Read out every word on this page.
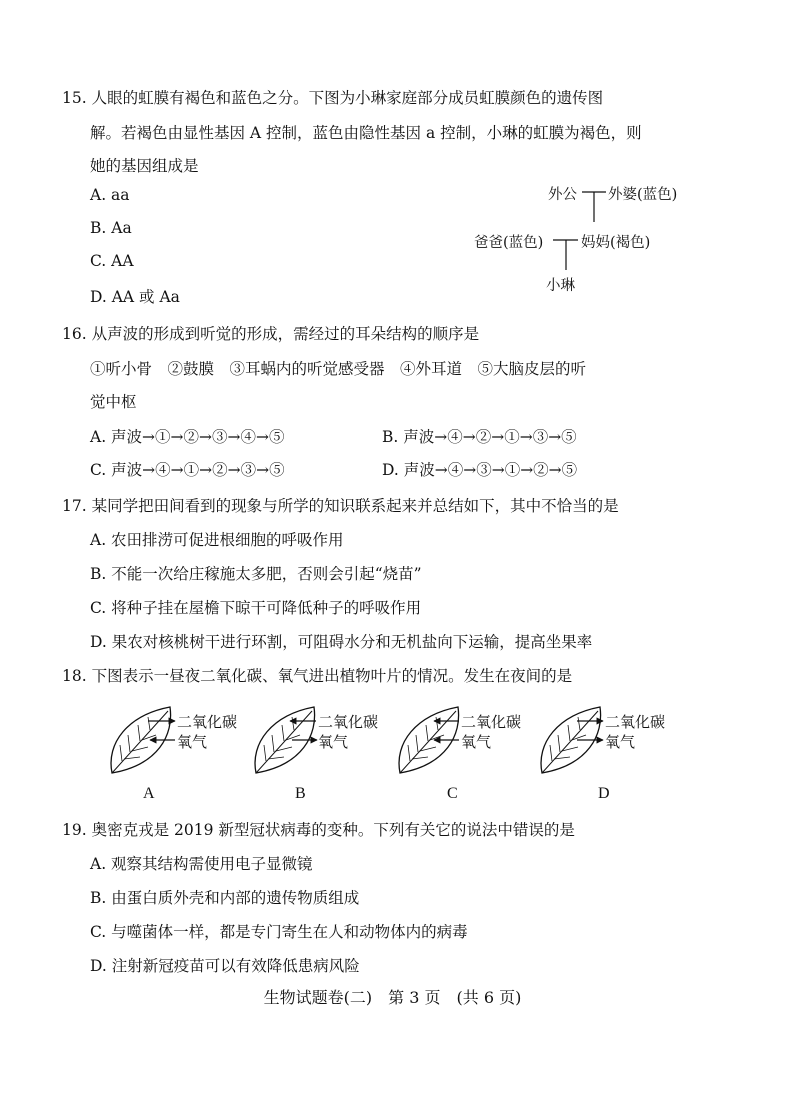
15. 人眼的虹膜有褐色和蓝色之分。下图为小琳家庭部分成员虹膜颜色的遗传图
解。若褐色由显性基因 A 控制，蓝色由隐性基因 a 控制，小琳的虹膜为褐色，则
她的基因组成是
A. aa
B. Aa
C. AA
D. AA 或 Aa
外公 外婆(蓝色)
爸爸(蓝色)	妈妈(褐色)
小琳
16. 从声波的形成到听觉的形成，需经过的耳朵结构的顺序是
①听小骨　②鼓膜　③耳蜗内的听觉感受器　④外耳道　⑤大脑皮层的听
觉中枢
A. 声波→①→②→③→④→⑤	B. 声波→④→②→①→③→⑤
C. 声波→④→①→②→③→⑤	D. 声波→④→③→①→②→⑤
17. 某同学把田间看到的现象与所学的知识联系起来并总结如下，其中不恰当的是
A. 农田排涝可促进根细胞的呼吸作用
B. 不能一次给庄稼施太多肥，否则会引起“烧苗”
C. 将种子挂在屋檐下晾干可降低种子的呼吸作用
D. 果农对核桃树干进行环割，可阻碍水分和无机盐向下运输，提高坐果率
18. 下图表示一昼夜二氧化碳、氧气进出植物叶片的情况。发生在夜间的是
二氧化碳
氧气
二氧化碳
氧气
二氧化碳
氧气
二氧化碳
氧气
A	B	C	D
19. 奥密克戎是 2019 新型冠状病毒的变种。下列有关它的说法中错误的是
A. 观察其结构需使用电子显微镜
B. 由蛋白质外壳和内部的遗传物质组成
C. 与噬菌体一样，都是专门寄生在人和动物体内的病毒
D. 注射新冠疫苗可以有效降低患病风险
生物试题卷(二)　第 3 页　(共 6 页)
